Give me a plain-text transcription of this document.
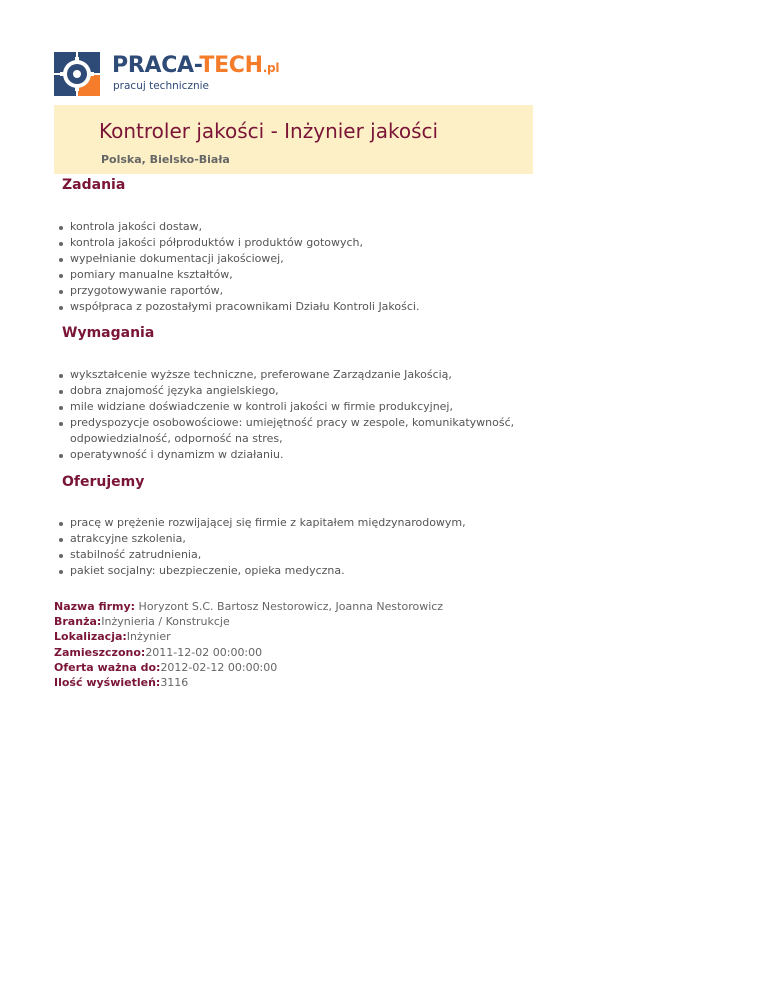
PRACA-TECH.pl
pracuj technicznie
Kontroler jakości - Inżynier jakości
Polska, Bielsko-Biała
Zadania
kontrola jakości dostaw,
kontrola jakości półproduktów i produktów gotowych,
wypełnianie dokumentacji jakościowej,
pomiary manualne kształtów,
przygotowywanie raportów,
współpraca z pozostałymi pracownikami Działu Kontroli Jakości.
Wymagania
wykształcenie wyższe techniczne, preferowane Zarządzanie Jakością,
dobra znajomość języka angielskiego,
mile widziane doświadczenie w kontroli jakości w firmie produkcyjnej,
predyspozycje osobowościowe: umiejętność pracy w zespole, komunikatywność, odpowiedzialność, odporność na stres,
operatywność i dynamizm w działaniu.
Oferujemy
pracę w prężenie rozwijającej się firmie z kapitałem międzynarodowym,
atrakcyjne szkolenia,
stabilność zatrudnienia,
pakiet socjalny: ubezpieczenie, opieka medyczna.
Nazwa firmy: Horyzont S.C. Bartosz Nestorowicz, Joanna Nestorowicz
Branża:Inżynieria / Konstrukcje
Lokalizacja:Inżynier
Zamieszczono:2011-12-02 00:00:00
Oferta ważna do:2012-02-12 00:00:00
Ilość wyświetleń:3116
